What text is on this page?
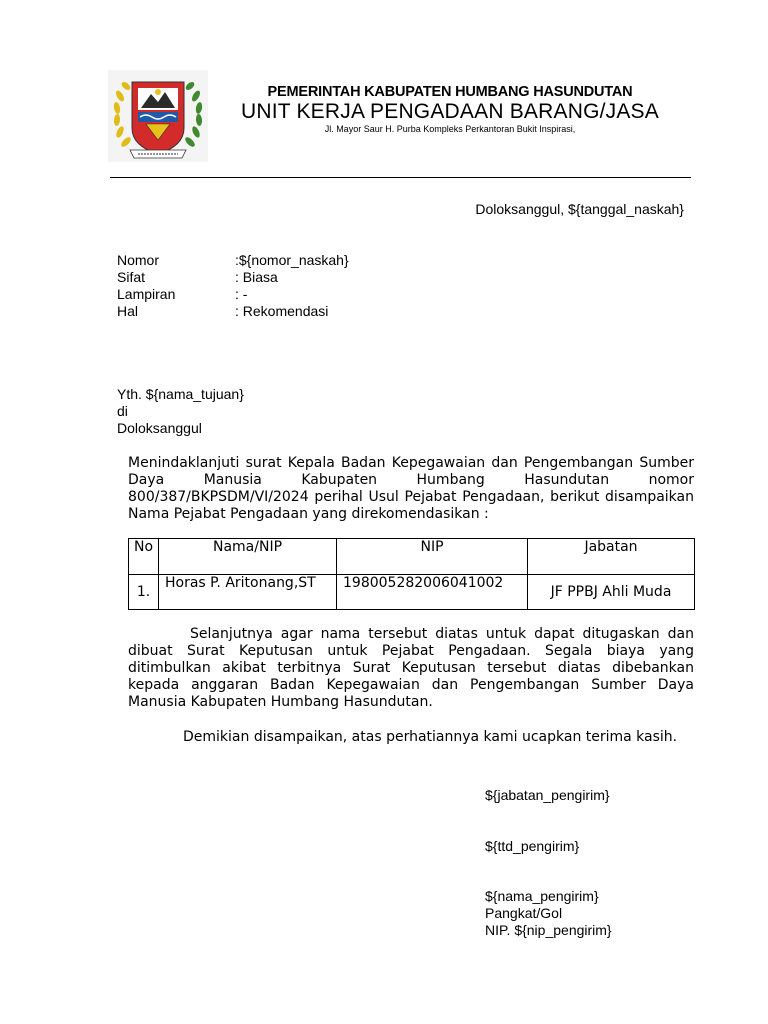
PEMERINTAH KABUPATEN HUMBANG HASUNDUTAN
UNIT KERJA PENGADAAN BARANG/JASA
Jl. Mayor Saur H. Purba Kompleks Perkantoran Bukit Inspirasi,
Doloksanggul, ${tanggal_naskah}
Nomor	:${nomor_naskah}
Sifat	: Biasa
Lampiran	: -
Hal	: Rekomendasi
Yth. ${nama_tujuan}
di
Doloksanggul
Menindaklanjuti surat Kepala Badan Kepegawaian dan Pengembangan Sumber Daya Manusia Kabupaten Humbang Hasundutan nomor 800/387/BKPSDM/VI/2024 perihal Usul Pejabat Pengadaan, berikut disampaikan Nama Pejabat Pengadaan yang direkomendasikan :
No	Nama/NIP	NIP	Jabatan
1.	Horas P. Aritonang,ST	198005282006041002	JF PPBJ Ahli Muda
Selanjutnya agar nama tersebut diatas untuk dapat ditugaskan dan dibuat Surat Keputusan untuk Pejabat Pengadaan. Segala biaya yang ditimbulkan akibat terbitnya Surat Keputusan tersebut diatas dibebankan kepada anggaran Badan Kepegawaian dan Pengembangan Sumber Daya Manusia Kabupaten Humbang Hasundutan.
Demikian disampaikan, atas perhatiannya kami ucapkan terima kasih.
${jabatan_pengirim}
${ttd_pengirim}
${nama_pengirim}
Pangkat/Gol
NIP. ${nip_pengirim}
